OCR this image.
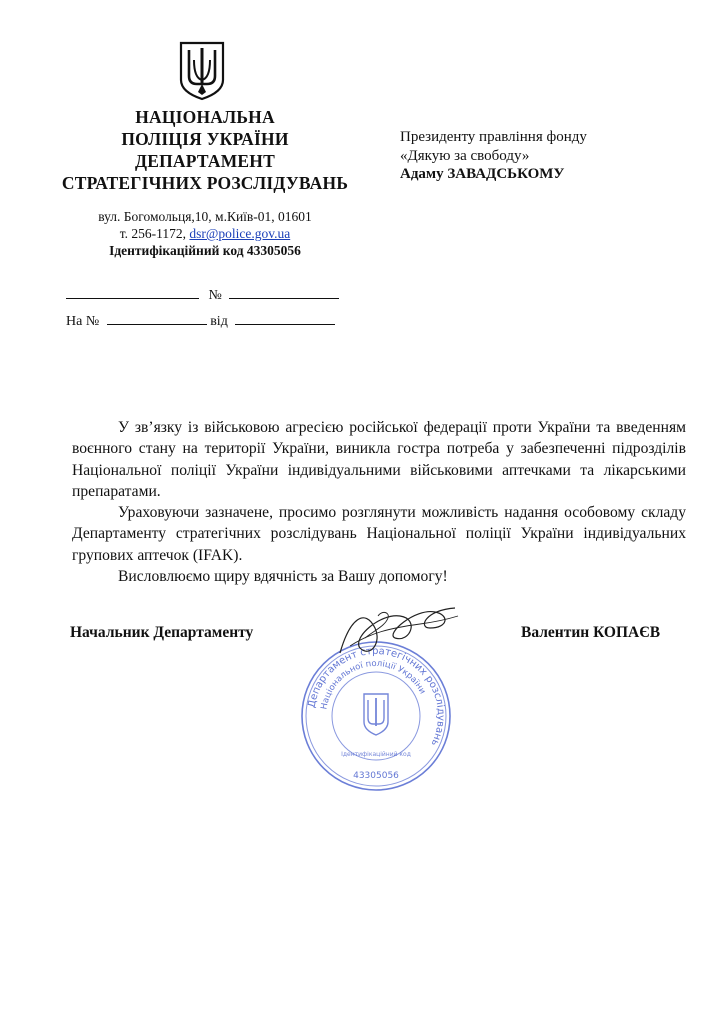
НАЦІОНАЛЬНА
ПОЛІЦІЯ УКРАЇНИ
ДЕПАРТАМЕНТ
СТРАТЕГІЧНИХ РОЗСЛІДУВАНЬ
вул. Богомольця,10, м.Київ-01, 01601
т. 256-1172, dsr@police.gov.ua
Ідентифікаційний код 43305056
№
На №	від
Президенту правління фонду
«Дякую за свободу»
Адаму ЗАВАДСЬКОМУ

У зв’язку із військовою агресією російської федерації проти України та введенням воєнного стану на території України, виникла гостра потреба у забезпеченні підрозділів Національної поліції України індивідуальними військовими аптечками та лікарськими препаратами.

Ураховуючи зазначене, просимо розглянути можливість надання особовому складу Департаменту стратегічних розслідувань Національної поліції України індивідуальних групових аптечок (IFAK).

Висловлюємо щиру вдячність за Вашу допомогу!

Начальник Департаменту	Валентин КОПАЄВ
Департамент стратегічних розслідувань
Національної поліції України
Ідентифікаційний код
43305056
